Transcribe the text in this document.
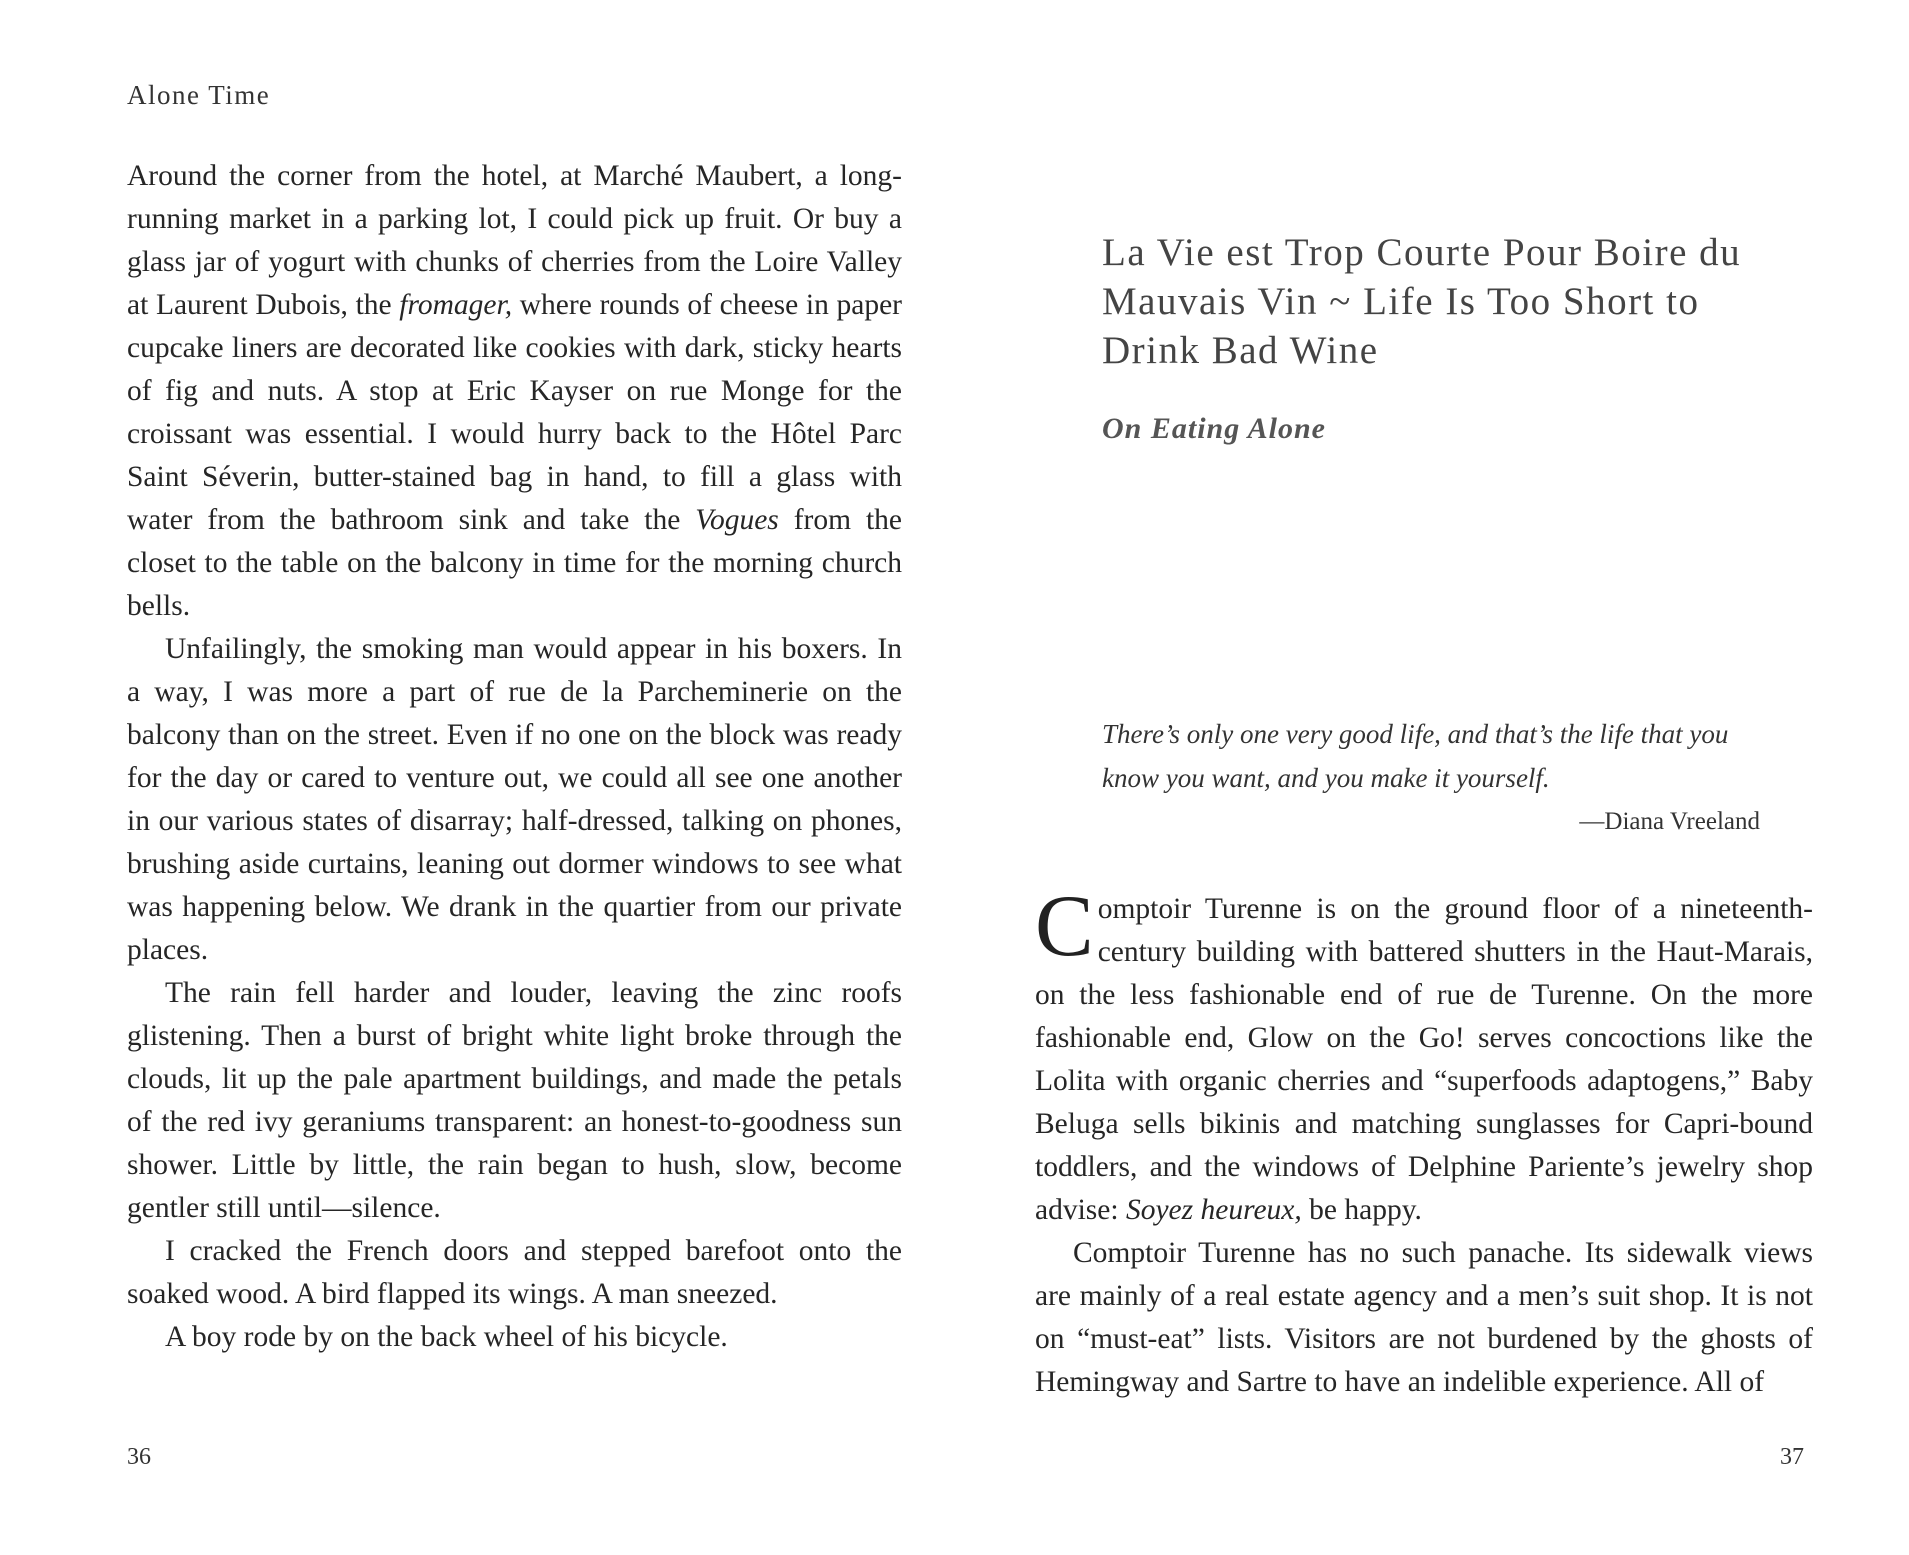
Alone Time

Around the corner from the hotel, at Marché Maubert, a long-running market in a parking lot, I could pick up fruit. Or buy a glass jar of yogurt with chunks of cherries from the Loire Valley at Laurent Dubois, the fromager, where rounds of cheese in paper cupcake liners are decorated like cookies with dark, sticky hearts of fig and nuts. A stop at Eric Kayser on rue Monge for the croissant was essential. I would hurry back to the Hôtel Parc Saint Séverin, butter-stained bag in hand, to fill a glass with water from the bathroom sink and take the Vogues from the closet to the table on the balcony in time for the morning church bells.

Unfailingly, the smoking man would appear in his boxers. In a way, I was more a part of rue de la Parcheminerie on the balcony than on the street. Even if no one on the block was ready for the day or cared to venture out, we could all see one another in our various states of disarray; half-dressed, talking on phones, brushing aside curtains, leaning out dormer windows to see what was happening below. We drank in the quartier from our private places.

The rain fell harder and louder, leaving the zinc roofs glistening. Then a burst of bright white light broke through the clouds, lit up the pale apartment buildings, and made the petals of the red ivy geraniums transparent: an honest-to-goodness sun shower. Little by little, the rain began to hush, slow, become gentler still until—silence.

I cracked the French doors and stepped barefoot onto the soaked wood. A bird flapped its wings. A man sneezed.

A boy rode by on the back wheel of his bicycle.

36
La Vie est Trop Courte Pour Boire du Mauvais Vin ~ Life Is Too Short to Drink Bad Wine
On Eating Alone

There’s only one very good life, and that’s the life that you know you want, and you make it yourself.

—Diana Vreeland

Comptoir Turenne is on the ground floor of a nineteenth-century building with battered shutters in the Haut-Marais, on the less fashionable end of rue de Turenne. On the more fashionable end, Glow on the Go! serves concoctions like the Lolita with organic cherries and “superfoods adaptogens,” Baby Beluga sells bikinis and matching sunglasses for Capri-bound toddlers, and the windows of Delphine Pariente’s jewelry shop advise: Soyez heureux, be happy.

Comptoir Turenne has no such panache. Its sidewalk views are mainly of a real estate agency and a men’s suit shop. It is not on “must-eat” lists. Visitors are not burdened by the ghosts of Hemingway and Sartre to have an indelible experience. All of

37
